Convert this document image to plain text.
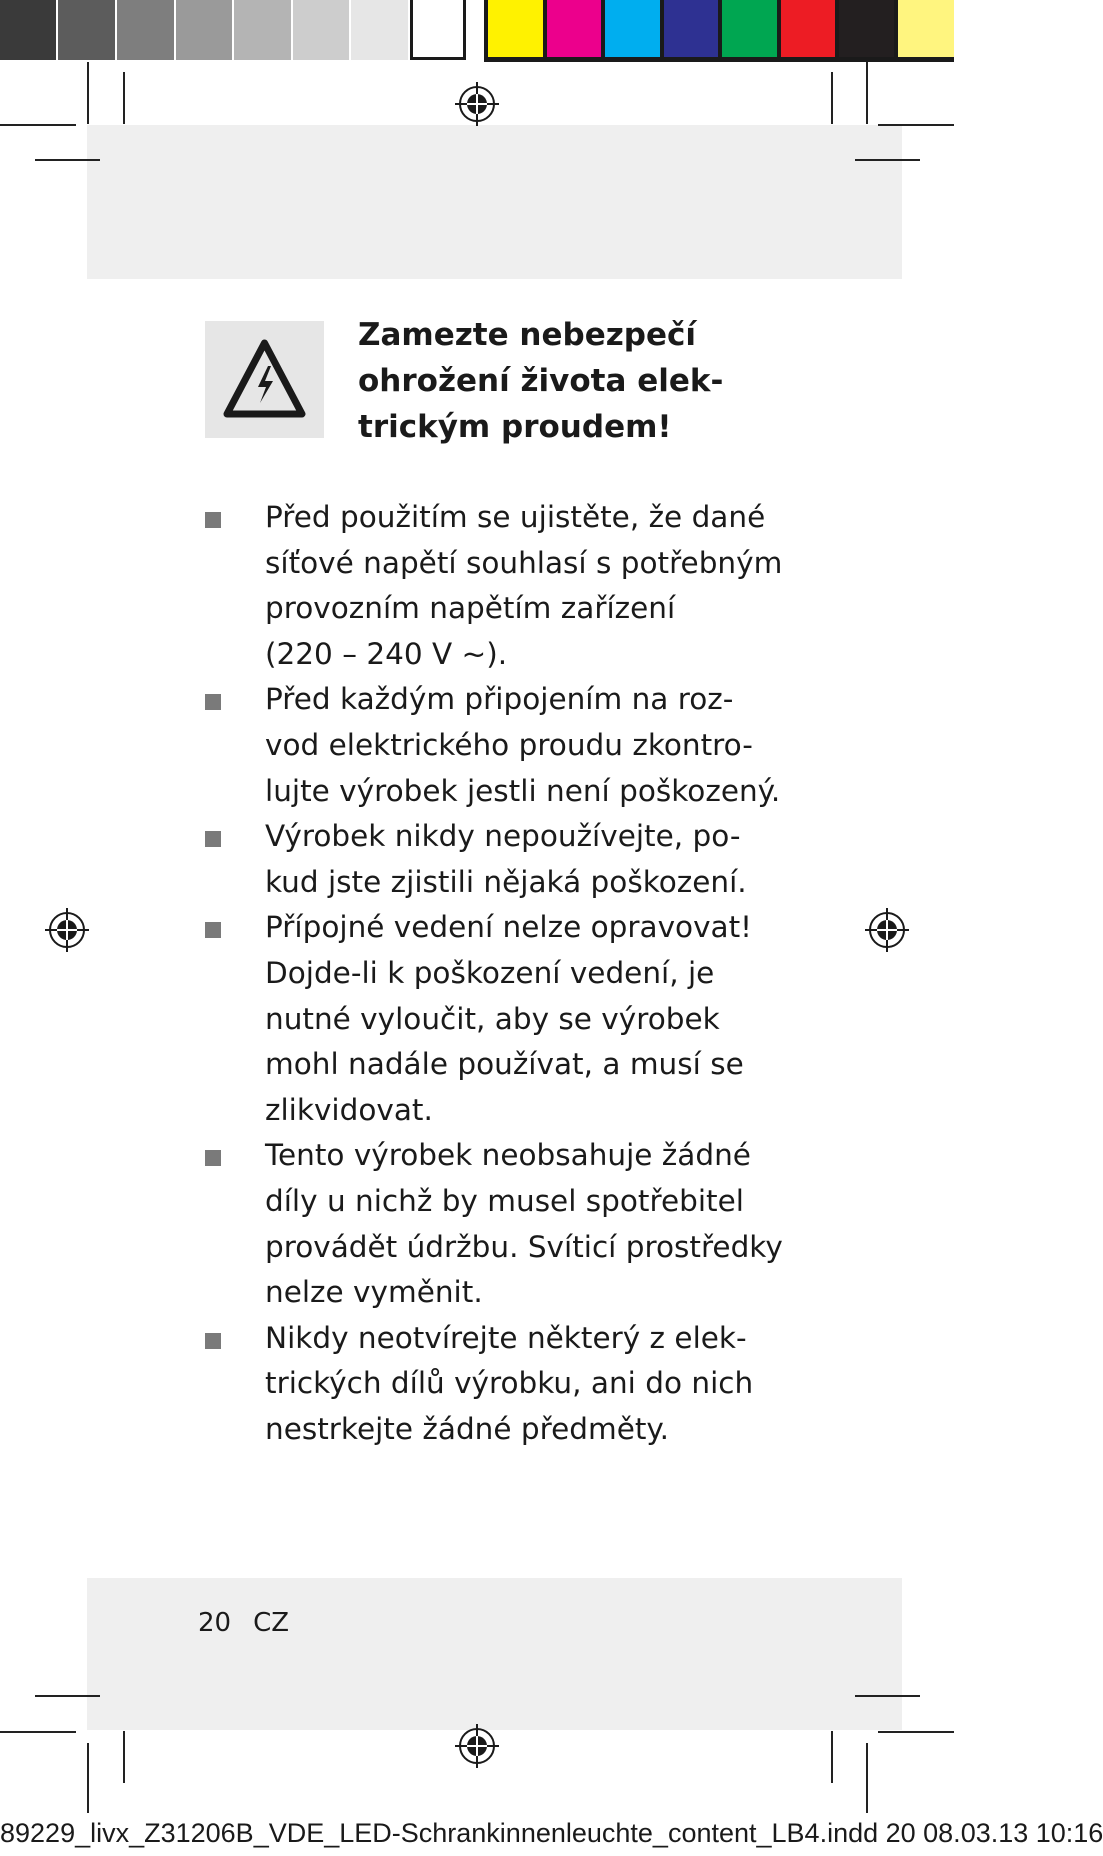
Zamezte nebezpečí
ohrožení života elek-
trickým proudem!
Před použitím se ujistěte, že dané
síťové napětí souhlasí s potřebným
provozním napětím zařízení
(220 – 240 V ~).
Před každým připojením na roz-
vod elektrického proudu zkontro-
lujte výrobek jestli není poškozený.
Výrobek nikdy nepoužívejte, po-
kud jste zjistili nějaká poškození.
Přípojné vedení nelze opravovat!
Dojde-li k poškození vedení, je
nutné vyloučit, aby se výrobek
mohl nadále používat, a musí se
zlikvidovat.
Tento výrobek neobsahuje žádné
díly u nichž by musel spotřebitel
provádět údržbu. Svíticí prostředky
nelze vyměnit.
Nikdy neotvírejte některý z elek-
trických dílů výrobku, ani do nich
nestrkejte žádné předměty.
20 CZ
89229_livx_Z31206B_VDE_LED-Schrankinnenleuchte_content_LB4.indd 20 08.03.13 10:16
